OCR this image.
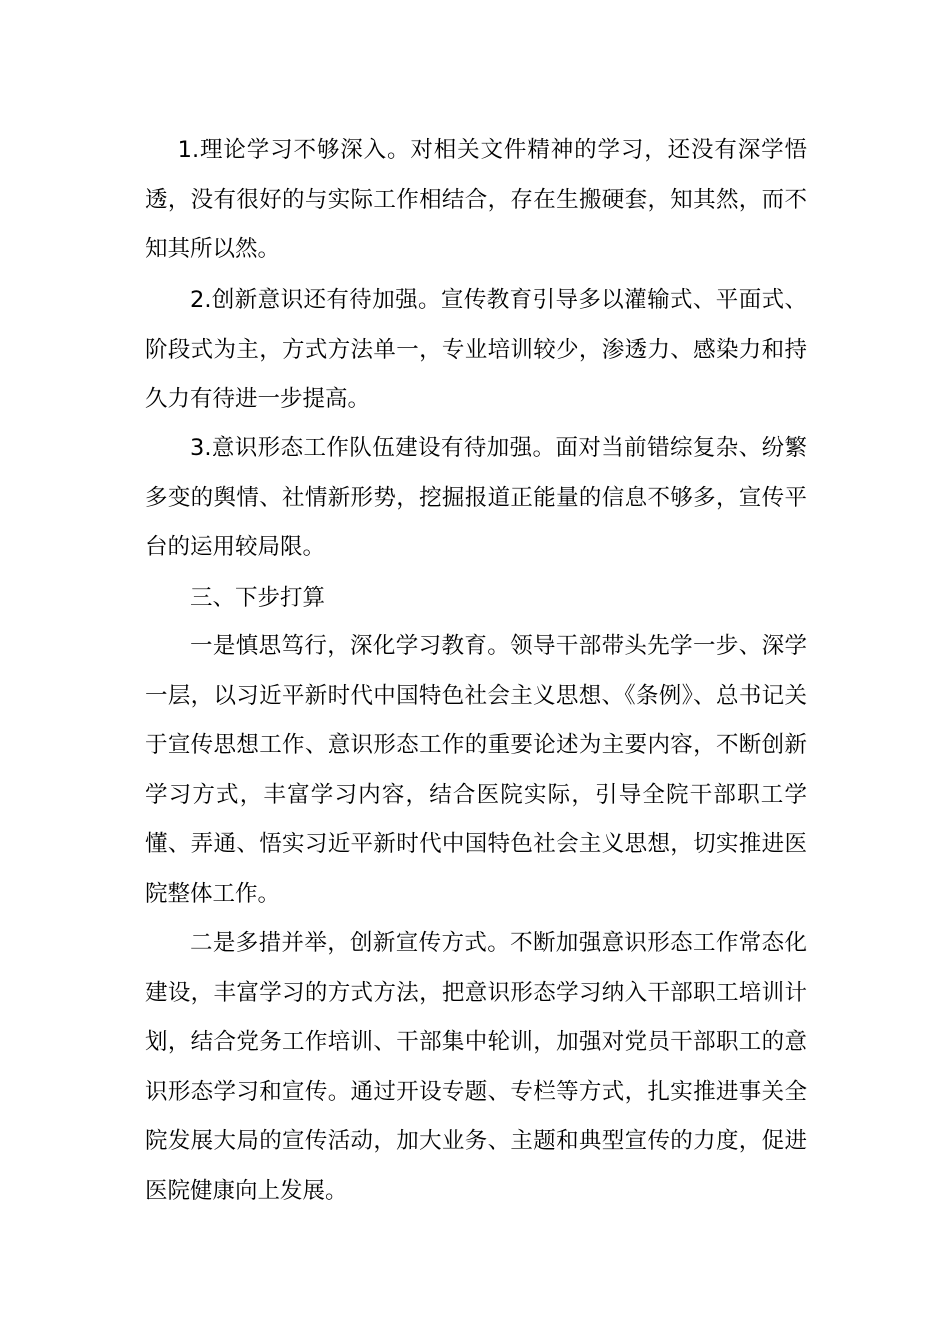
1.理论学习不够深入。对相关文件精神的学习，还没有深学悟透，没有很好的与实际工作相结合，存在生搬硬套，知其然，而不知其所以然。

2.创新意识还有待加强。宣传教育引导多以灌输式、平面式、阶段式为主，方式方法单一，专业培训较少，渗透力、感染力和持久力有待进一步提高。

3.意识形态工作队伍建设有待加强。面对当前错综复杂、纷繁多变的舆情、社情新形势，挖掘报道正能量的信息不够多，宣传平台的运用较局限。

三、下步打算

一是慎思笃行，深化学习教育。领导干部带头先学一步、深学一层，以习近平新时代中国特色社会主义思想、《条例》、总书记关于宣传思想工作、意识形态工作的重要论述为主要内容，不断创新学习方式，丰富学习内容，结合医院实际，引导全院干部职工学懂、弄通、悟实习近平新时代中国特色社会主义思想，切实推进医院整体工作。

二是多措并举，创新宣传方式。不断加强意识形态工作常态化建设，丰富学习的方式方法，把意识形态学习纳入干部职工培训计划，结合党务工作培训、干部集中轮训，加强对党员干部职工的意识形态学习和宣传。通过开设专题、专栏等方式，扎实推进事关全院发展大局的宣传活动，加大业务、主题和典型宣传的力度，促进医院健康向上发展。
